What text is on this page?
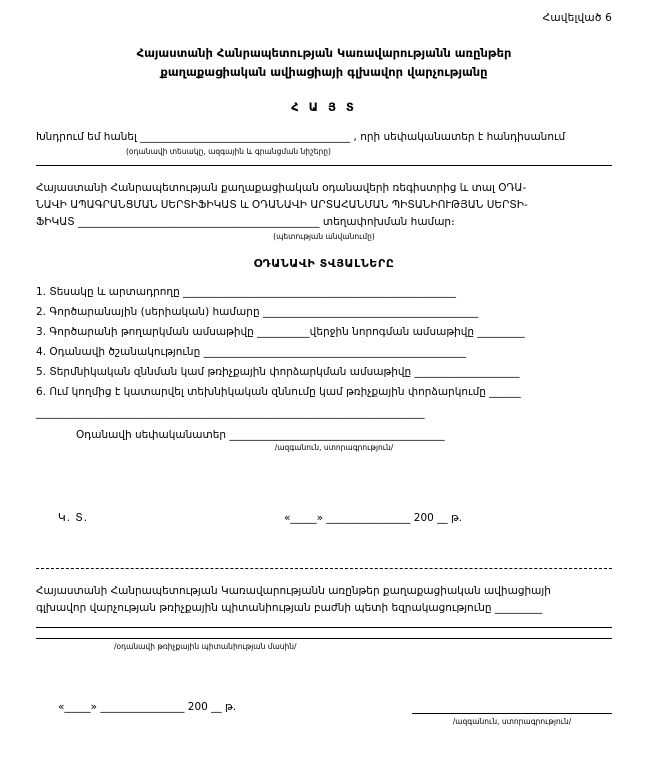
Հավելված 6
Հայաստանի Հանրապետության Կառավարությանն առընթեր
քաղաքացիական ավիացիայի գլխավոր վարչությանը
Հ Ա Յ Տ
Խնդրում եմ հանել ________________________________________ , որի սեփականատեր է հանդիսանում
(օդանավի տեսակը, ազգային և գրանցման նիշերը)
Հայաստանի Հանրապետության քաղաքացիական օդանավերի ռեգիստրից և տալ ՕԴԱ-
ՆԱՎԻ ԱՊԱԳՐԱՆՑՄԱՆ ՍԵՐՏԻՖԻԿԱՏ և ՕԴԱՆԱՎԻ ԱՐՏԱՀԱՆՄԱՆ ՊԻՏԱՆԻՈՒԹՅԱՆ ՍԵՐՏԻ-
ՖԻԿԱՏ ______________________________________________ տեղափոխման համար։
(պետության անվանումը)
ՕԴԱՆԱՎԻ ՏՎՅԱԼՆԵՐԸ
1. Տեսակը և արտադրողը ____________________________________________________
2. Գործարանային (սերիական) համարը _________________________________________
3. Գործարանի թողարկման ամսաթիվը __________վերջին նորոգման ամսաթիվը _________
4. Օդանավի ծշանակությունը __________________________________________________
5. Տերմնիկական զննման կամ թռիչքային փորձարկման ամսաթիվը ____________________
6. Ում կողմից է կատարվել տեխնիկական զննումը կամ թռիչքային փորձարկումը ______
__________________________________________________________________________
Օդանավի սեփականատեր _________________________________________
/ազգանուն, ստորագրություն/
Կ. Տ.	«_____» ________________ 200 __ թ.
Հայաստանի Հանրապետության Կառավարությանն առընթեր քաղաքացիական ավիացիայի
գլխավոր վարչության թռիչքային պիտանիության բաժնի պետի եզրակացությունը _________
/օդանավի թռիչքային պիտանիության մասին/
«_____» ________________ 200 __ թ.
/ազգանուն, ստորագրություն/
